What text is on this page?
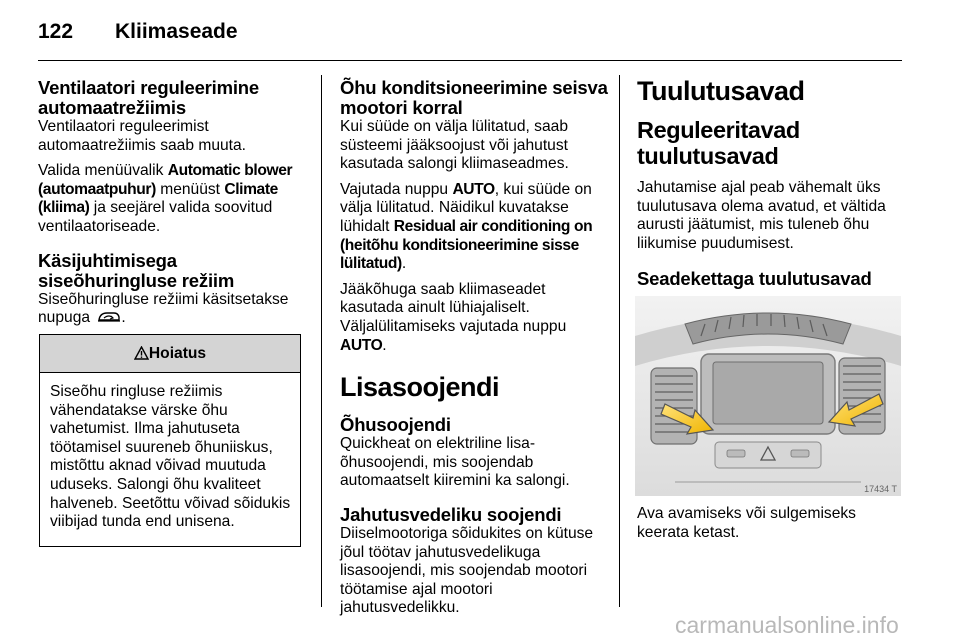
122 Kliimaseade
Ventilaatori reguleerimine automaatrežiimis

Ventilaatori reguleerimist automaatrežiimis saab muuta.

Valida menüüvalik Automatic blower (automaatpuhur) menüüst Climate (kliima) ja seejärel valida soovitud ventilaatoriseade.

Käsijuhtimisega siseõhuringluse režiim

Siseõhuringluse režiimi käsitsetakse nupuga .

Hoiatus
Siseõhu ringluse režiimis vähendatakse värske õhu vahetumist. Ilma jahutuseta töötamisel suureneb õhuniiskus, mistõttu aknad võivad muutuda uduseks. Salongi õhu kvaliteet halveneb. Seetõttu võivad sõidukis viibijad tunda end unisena.
Õhu konditsioneerimine seisva mootori korral

Kui süüde on välja lülitatud, saab süsteemi jääksoojust või jahutust kasutada salongi kliimaseadmes.

Vajutada nuppu AUTO, kui süüde on välja lülitatud. Näidikul kuvatakse lühidalt Residual air conditioning on (heitõhu konditsioneerimine sisse lülitatud).

Jääkõhuga saab kliimaseadet kasutada ainult lühiajaliselt.

Väljalülitamiseks vajutada nuppu AUTO.

Lisasoojendi
Õhusoojendi

Quickheat on elektriline lisa-õhusoojendi, mis soojendab automaatselt kiiremini ka salongi.

Jahutusvedeliku soojendi

Diiselmootoriga sõidukites on kütuse jõul töötav jahutusvedelikuga lisasoojendi, mis soojendab mootori töötamise ajal mootori jahutusvedelikku.

Tuulutusavad
Reguleeritavad tuulutusavad

Jahutamise ajal peab vähemalt üks tuulutusava olema avatud, et vältida aurusti jäätumist, mis tuleneb õhu liikumise puudumisest.

Seadekettaga tuulutusavad
17434 T

Ava avamiseks või sulgemiseks keerata ketast.

carmanualsonline.info
